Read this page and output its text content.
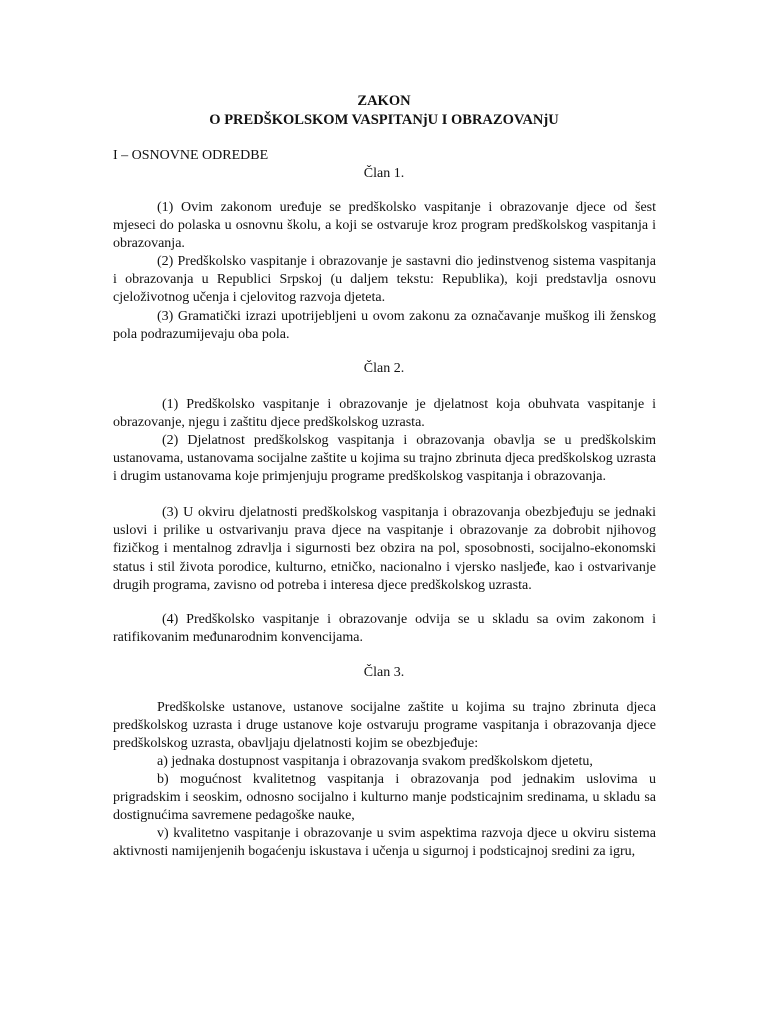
ZAKON
O PREDŠKOLSKOM VASPITANjU I OBRAZOVANjU
I – OSNOVNE ODREDBE
Član 1.
(1) Ovim zakonom uređuje se predškolsko vaspitanje i obrazovanje djece od šest mjeseci do polaska u osnovnu školu, a koji se ostvaruje kroz program predškolskog vaspitanja i obrazovanja.
(2) Predškolsko vaspitanje i obrazovanje je sastavni dio jedinstvenog sistema vaspitanja i obrazovanja u Republici Srpskoj (u daljem tekstu: Republika), koji predstavlja osnovu cjeloživotnog učenja i cjelovitog razvoja djeteta.
(3) Gramatički izrazi upotrijebljeni u ovom zakonu za označavanje muškog ili ženskog pola podrazumijevaju oba pola.
Član 2.
(1) Predškolsko vaspitanje i obrazovanje je djelatnost koja obuhvata vaspitanje i obrazovanje, njegu i zaštitu djece predškolskog uzrasta.
(2) Djelatnost predškolskog vaspitanja i obrazovanja obavlja se u predškolskim ustanovama, ustanovama socijalne zaštite u kojima su trajno zbrinuta djeca predškolskog uzrasta i drugim ustanovama koje primjenjuju programe predškolskog vaspitanja i obrazovanja.
(3) U okviru djelatnosti predškolskog vaspitanja i obrazovanja obezbjeđuju se jednaki uslovi i prilike u ostvarivanju prava djece na vaspitanje i obrazovanje za dobrobit njihovog fizičkog i mentalnog zdravlja i sigurnosti bez obzira na pol, sposobnosti, socijalno-ekonomski status i stil života porodice, kulturno, etničko, nacionalno i vjersko nasljeđe, kao i ostvarivanje drugih programa, zavisno od potreba i interesa djece predškolskog uzrasta.
(4) Predškolsko vaspitanje i obrazovanje odvija se u skladu sa ovim zakonom i ratifikovanim međunarodnim konvencijama.
Član 3.
Predškolske ustanove, ustanove socijalne zaštite u kojima su trajno zbrinuta djeca predškolskog uzrasta i druge ustanove koje ostvaruju programe vaspitanja i obrazovanja djece predškolskog uzrasta, obavljaju djelatnosti kojim se obezbjeđuje:
a) jednaka dostupnost vaspitanja i obrazovanja svakom predškolskom djetetu,
b) mogućnost kvalitetnog vaspitanja i obrazovanja pod jednakim uslovima u prigradskim i seoskim, odnosno socijalno i kulturno manje podsticajnim sredinama, u skladu sa dostignućima savremene pedagoške nauke,
v) kvalitetno vaspitanje i obrazovanje u svim aspektima razvoja djece u okviru sistema aktivnosti namijenjenih bogaćenju iskustava i učenja u sigurnoj i podsticajnoj sredini za igru,
